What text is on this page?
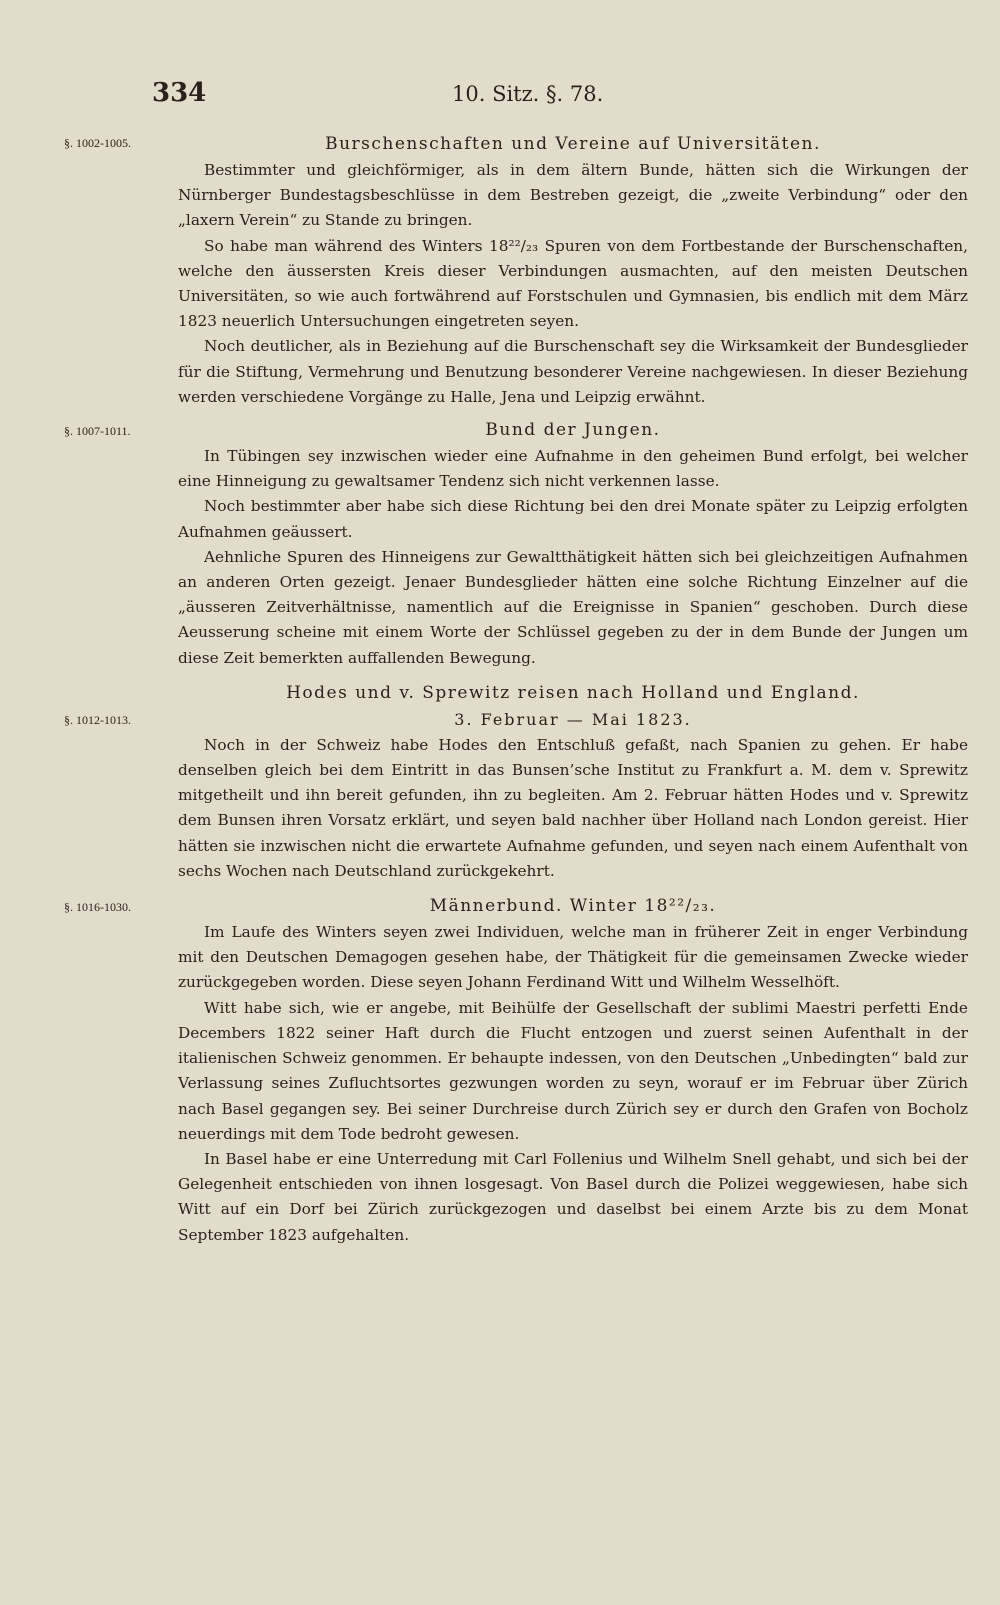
334	10. Sitz. §. 78.
§. 1002-1005.	Burschenschaften und Vereine auf Universitäten.

Bestimmter und gleichförmiger, als in dem ältern Bunde, hätten sich die Wirkungen der Nürnberger Bundestagsbeschlüsse in dem Bestreben gezeigt, die „zweite Verbindung“ oder den „laxern Verein“ zu Stande zu bringen.

So habe man während des Winters 18²²/₂₃ Spuren von dem Fortbestande der Burschenschaften, welche den äussersten Kreis dieser Verbindungen ausmachten, auf den meisten Deutschen Universitäten, so wie auch fortwährend auf Forstschulen und Gymnasien, bis endlich mit dem März 1823 neuerlich Untersuchungen eingetreten seyen.

Noch deutlicher, als in Beziehung auf die Burschenschaft sey die Wirksamkeit der Bundesglieder für die Stiftung, Vermehrung und Benutzung besonderer Vereine nachgewiesen. In dieser Beziehung werden verschiedene Vorgänge zu Halle, Jena und Leipzig erwähnt.

§. 1007-1011.	Bund der Jungen.

In Tübingen sey inzwischen wieder eine Aufnahme in den geheimen Bund erfolgt, bei welcher eine Hinneigung zu gewaltsamer Tendenz sich nicht verkennen lasse.

Noch bestimmter aber habe sich diese Richtung bei den drei Monate später zu Leipzig erfolgten Aufnahmen geäussert.

Aehnliche Spuren des Hinneigens zur Gewaltthätigkeit hätten sich bei gleichzeitigen Aufnahmen an anderen Orten gezeigt. Jenaer Bundesglieder hätten eine solche Richtung Einzelner auf die „äusseren Zeitverhältnisse, namentlich auf die Ereignisse in Spanien“ geschoben. Durch diese Aeusserung scheine mit einem Worte der Schlüssel gegeben zu der in dem Bunde der Jungen um diese Zeit bemerkten auffallenden Bewegung.

§. 1012-1013.
Hodes und v. Sprewitz reisen nach Holland und England.
3. Februar — Mai 1823.

Noch in der Schweiz habe Hodes den Entschluß gefaßt, nach Spanien zu gehen. Er habe denselben gleich bei dem Eintritt in das Bunsen’sche Institut zu Frankfurt a. M. dem v. Sprewitz mitgetheilt und ihn bereit gefunden, ihn zu begleiten. Am 2. Februar hätten Hodes und v. Sprewitz dem Bunsen ihren Vorsatz erklärt, und seyen bald nachher über Holland nach London gereist. Hier hätten sie inzwischen nicht die erwartete Aufnahme gefunden, und seyen nach einem Aufenthalt von sechs Wochen nach Deutschland zurückgekehrt.

§. 1016-1030.	Männerbund. Winter 18²²/₂₃.

Im Laufe des Winters seyen zwei Individuen, welche man in früherer Zeit in enger Verbindung mit den Deutschen Demagogen gesehen habe, der Thätigkeit für die gemeinsamen Zwecke wieder zurückgegeben worden. Diese seyen Johann Ferdinand Witt und Wilhelm Wesselhöft.

Witt habe sich, wie er angebe, mit Beihülfe der Gesellschaft der sublimi Maestri perfetti Ende Decembers 1822 seiner Haft durch die Flucht entzogen und zuerst seinen Aufenthalt in der italienischen Schweiz genommen. Er behaupte indessen, von den Deutschen „Unbedingten“ bald zur Verlassung seines Zufluchtsortes gezwungen worden zu seyn, worauf er im Februar über Zürich nach Basel gegangen sey. Bei seiner Durchreise durch Zürich sey er durch den Grafen von Bocholz neuerdings mit dem Tode bedroht gewesen.

In Basel habe er eine Unterredung mit Carl Follenius und Wilhelm Snell gehabt, und sich bei der Gelegenheit entschieden von ihnen losgesagt. Von Basel durch die Polizei weggewiesen, habe sich Witt auf ein Dorf bei Zürich zurückgezogen und daselbst bei einem Arzte bis zu dem Monat September 1823 aufgehalten.
